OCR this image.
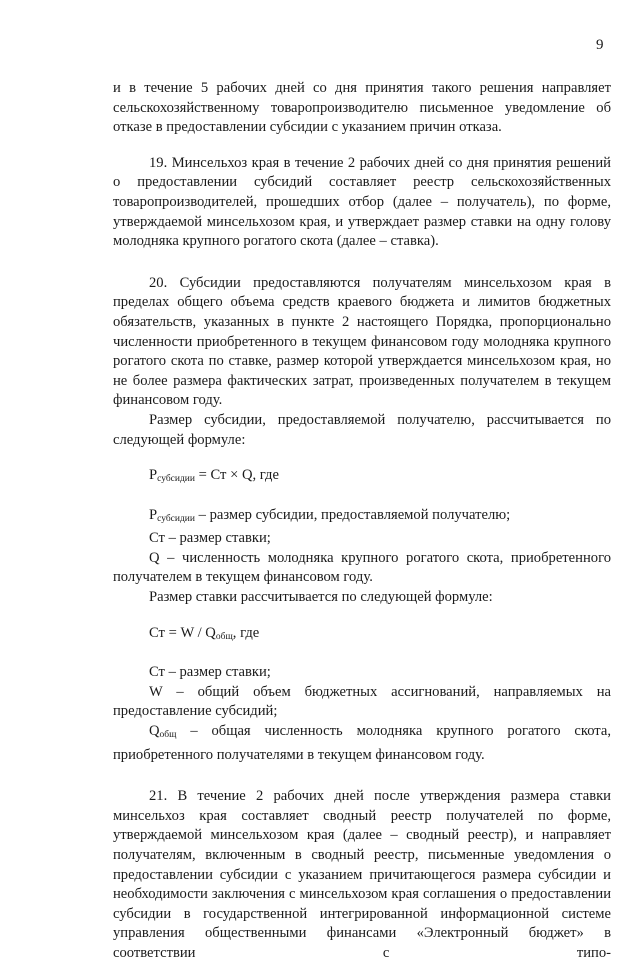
9

и в течение 5 рабочих дней со дня принятия такого решения направляет сельскохозяйственному товаропроизводителю письменное уведомление об отказе в предоставлении субсидии с указанием причин отказа.

19. Минсельхоз края в течение 2 рабочих дней со дня принятия решений о предоставлении субсидий составляет реестр сельскохозяйственных товаропроизводителей, прошедших отбор (далее – получатель), по форме, утверждаемой минсельхозом края, и утверждает размер ставки на одну голову молодняка крупного рогатого скота (далее – ставка).

20. Субсидии предоставляются получателям минсельхозом края в пределах общего объема средств краевого бюджета и лимитов бюджетных обязательств, указанных в пункте 2 настоящего Порядка, пропорционально численности приобретенного в текущем финансовом году молодняка крупного рогатого скота по ставке, размер которой утверждается минсельхозом края, но не более размера фактических затрат, произведенных получателем в текущем финансовом году.

Размер субсидии, предоставляемой получателю, рассчитывается по следующей формуле:

$Р_{субсидии}$ = Ст × Q, где

$Р_{субсидии}$ – размер субсидии, предоставляемой получателю;

Ст – размер ставки;

Q – численность молодняка крупного рогатого скота, приобретенного получателем в текущем финансовом году.

Размер ставки рассчитывается по следующей формуле:

Ст = W / $Q_{общ}$, где

Ст – размер ставки;

W – общий объем бюджетных ассигнований, направляемых на предоставление субсидий;

$Q_{общ}$ – общая численность молодняка крупного рогатого скота, приобретенного получателями в текущем финансовом году.

21. В течение 2 рабочих дней после утверждения размера ставки минсельхоз края составляет сводный реестр получателей по форме, утверждаемой минсельхозом края (далее – сводный реестр), и направляет получателям, включенным в сводный реестр, письменные уведомления о предоставлении субсидии с указанием причитающегося размера субсидии и необходимости заключения с минсельхозом края соглашения о предоставлении субсидии в государственной интегрированной информационной системе управления общественными финансами «Электронный бюджет» в соответствии с типо-
